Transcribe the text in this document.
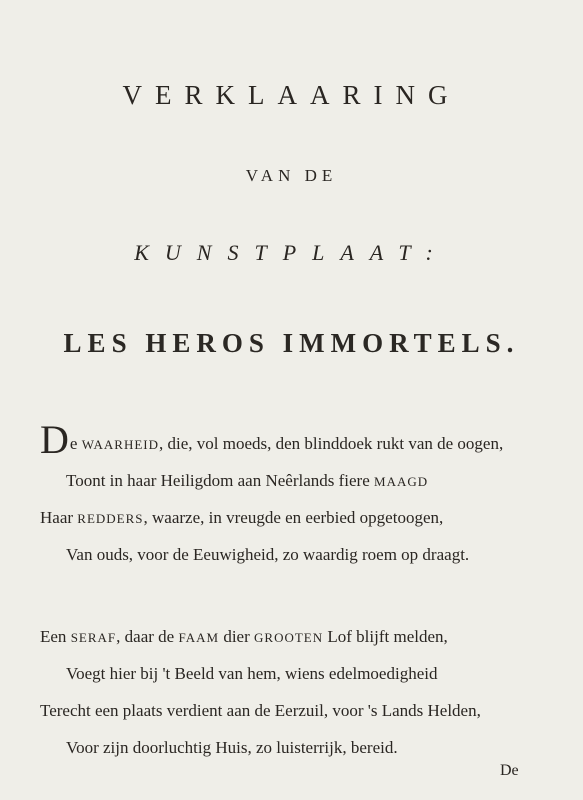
VERKLAARING
VAN DE
KUNSTPLAAT:
LES HEROS IMMORTELS.
De WAARHEID, die, vol moeds, den blinddoek rukt van de oogen,
Toont in haar Heiligdom aan Neêrlands fiere MAAGD
Haar REDDERS, waarze, in vreugde en eerbied opgetoogen,
Van ouds, voor de Eeuwigheid, zo waardig roem op draagt.
Een SERAF, daar de FAAM dier GROOTEN Lof blijft melden,
Voegt hier bij 't Beeld van hem, wiens edelmoedigheid
Terecht een plaats verdient aan de Eerzuil, voor 's Lands Helden,
Voor zijn doorluchtig Huis, zo luisterrijk, bereid.
De
